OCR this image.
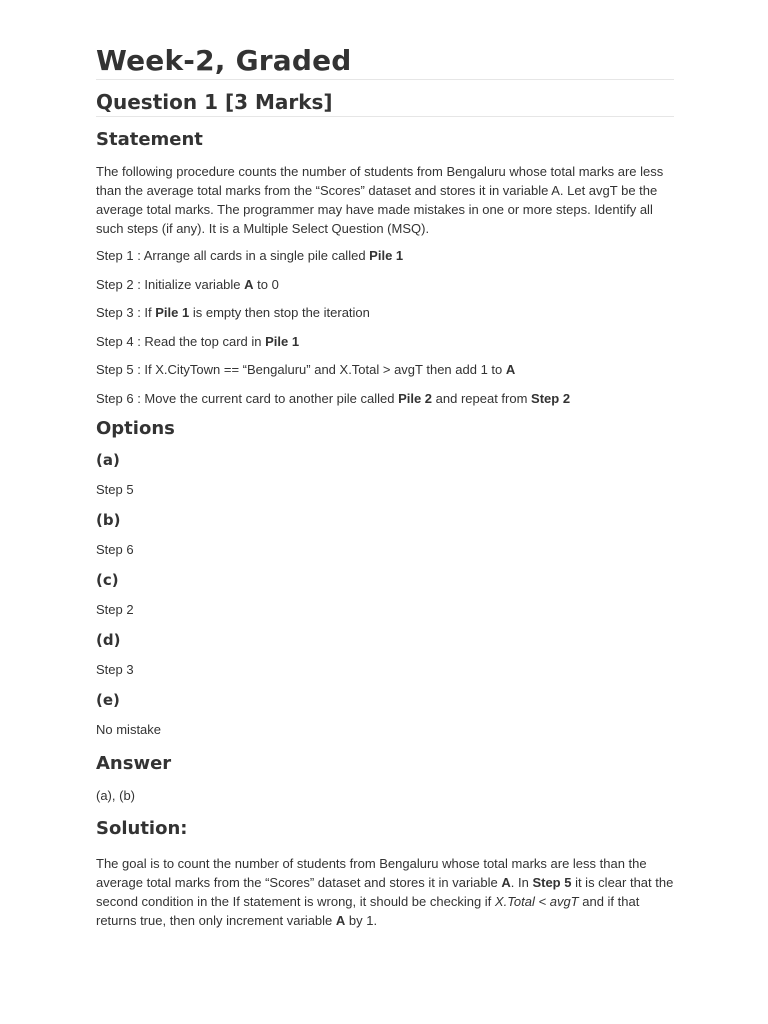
Week-2, Graded
Question 1 [3 Marks]
Statement

The following procedure counts the number of students from Bengaluru whose total marks are less than the average total marks from the “Scores” dataset and stores it in variable A. Let avgT be the average total marks. The programmer may have made mistakes in one or more steps. Identify all such steps (if any). It is a Multiple Select Question (MSQ).

Step 1 : Arrange all cards in a single pile called Pile 1

Step 2 : Initialize variable A to 0

Step 3 : If Pile 1 is empty then stop the iteration

Step 4 : Read the top card in Pile 1

Step 5 : If X.CityTown == “Bengaluru” and X.Total > avgT then add 1 to A

Step 6 : Move the current card to another pile called Pile 2 and repeat from Step 2

Options
(a)

Step 5

(b)

Step 6

(c)

Step 2

(d)

Step 3

(e)

No mistake

Answer

(a), (b)

Solution:

The goal is to count the number of students from Bengaluru whose total marks are less than the average total marks from the “Scores” dataset and stores it in variable A. In Step 5 it is clear that the second condition in the If statement is wrong, it should be checking if X.Total < avgT and if that returns true, then only increment variable A by 1.
